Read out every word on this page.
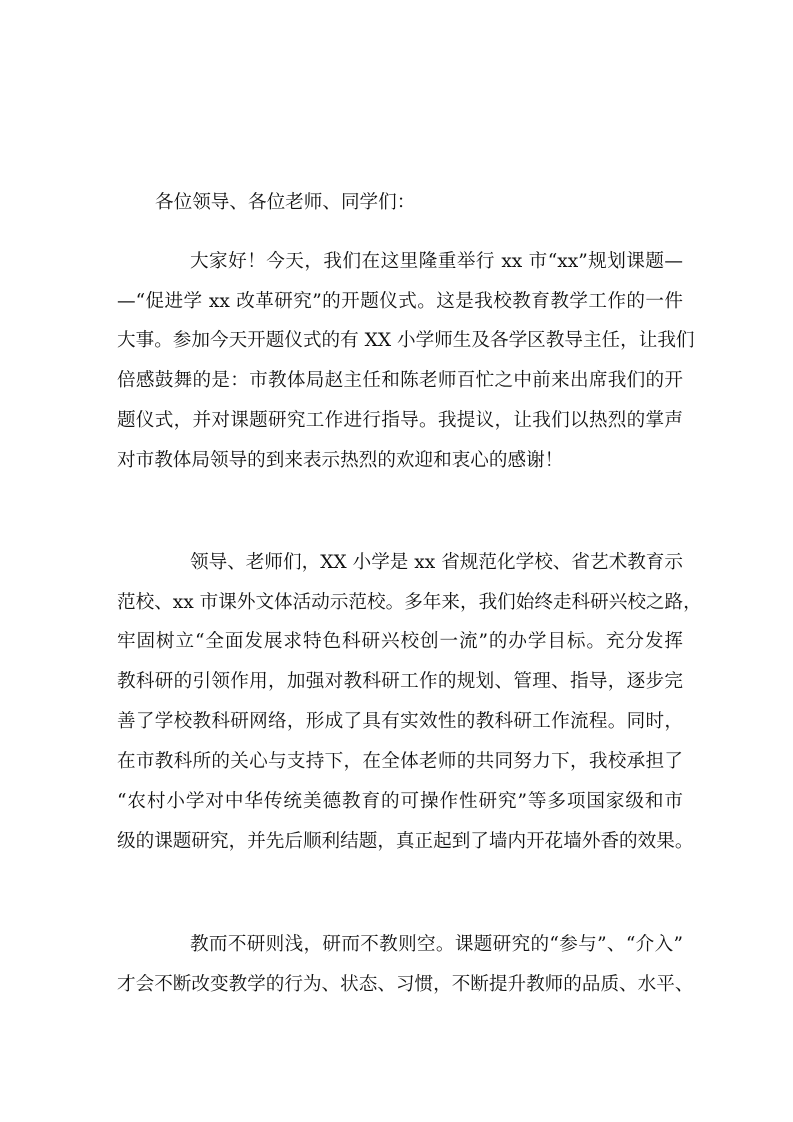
各位领导、各位老师、同学们：
大家好！今天，我们在这里隆重举行 xx 市“xx”规划课题—
—“促进学 xx 改革研究”的开题仪式。这是我校教育教学工作的一件
大事。参加今天开题仪式的有 XX 小学师生及各学区教导主任，让我们
倍感鼓舞的是：市教体局赵主任和陈老师百忙之中前来出席我们的开
题仪式，并对课题研究工作进行指导。我提议，让我们以热烈的掌声
对市教体局领导的到来表示热烈的欢迎和衷心的感谢！
领导、老师们，XX 小学是 xx 省规范化学校、省艺术教育示
范校、xx 市课外文体活动示范校。多年来，我们始终走科研兴校之路，
牢固树立“全面发展求特色科研兴校创一流”的办学目标。充分发挥
教科研的引领作用，加强对教科研工作的规划、管理、指导，逐步完
善了学校教科研网络，形成了具有实效性的教科研工作流程。同时，
在市教科所的关心与支持下，在全体老师的共同努力下，我校承担了
“农村小学对中华传统美德教育的可操作性研究”等多项国家级和市
级的课题研究，并先后顺利结题，真正起到了墙内开花墙外香的效果。
教而不研则浅，研而不教则空。课题研究的“参与”、“介入”
才会不断改变教学的行为、状态、习惯，不断提升教师的品质、水平、
